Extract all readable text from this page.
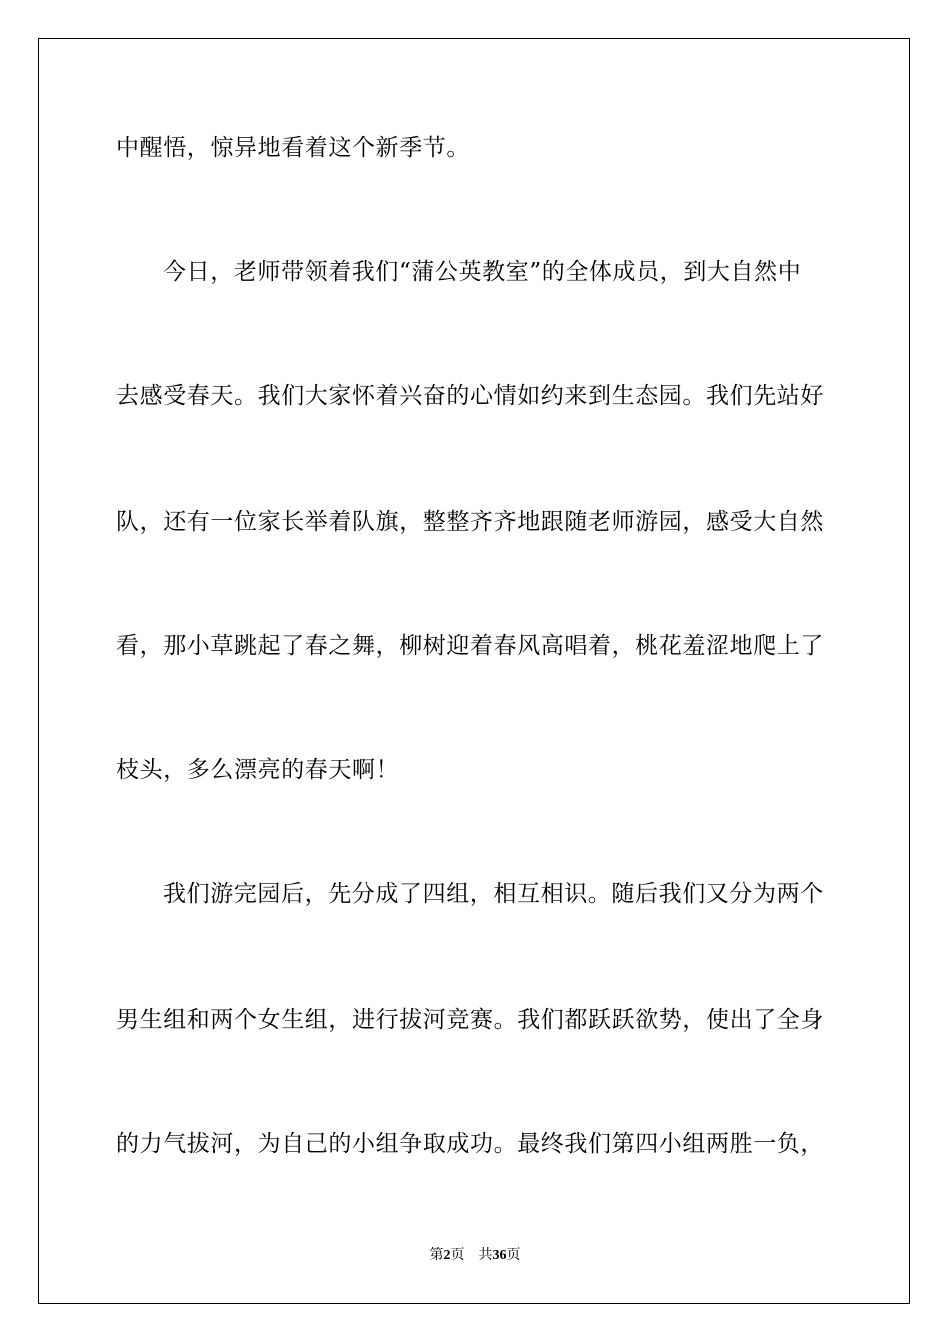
中醒悟，惊异地看着这个新季节。
今日，老师带领着我们“蒲公英教室”的全体成员，到大自然中
去感受春天。我们大家怀着兴奋的心情如约来到生态园。我们先站好
队，还有一位家长举着队旗，整整齐齐地跟随老师游园，感受大自然
看，那小草跳起了春之舞，柳树迎着春风高唱着，桃花羞涩地爬上了
枝头，多么漂亮的春天啊！
我们游完园后，先分成了四组，相互相识。随后我们又分为两个
男生组和两个女生组，进行拔河竞赛。我们都跃跃欲势，使出了全身
的力气拔河，为自己的小组争取成功。最终我们第四小组两胜一负，
第2页 共36页
